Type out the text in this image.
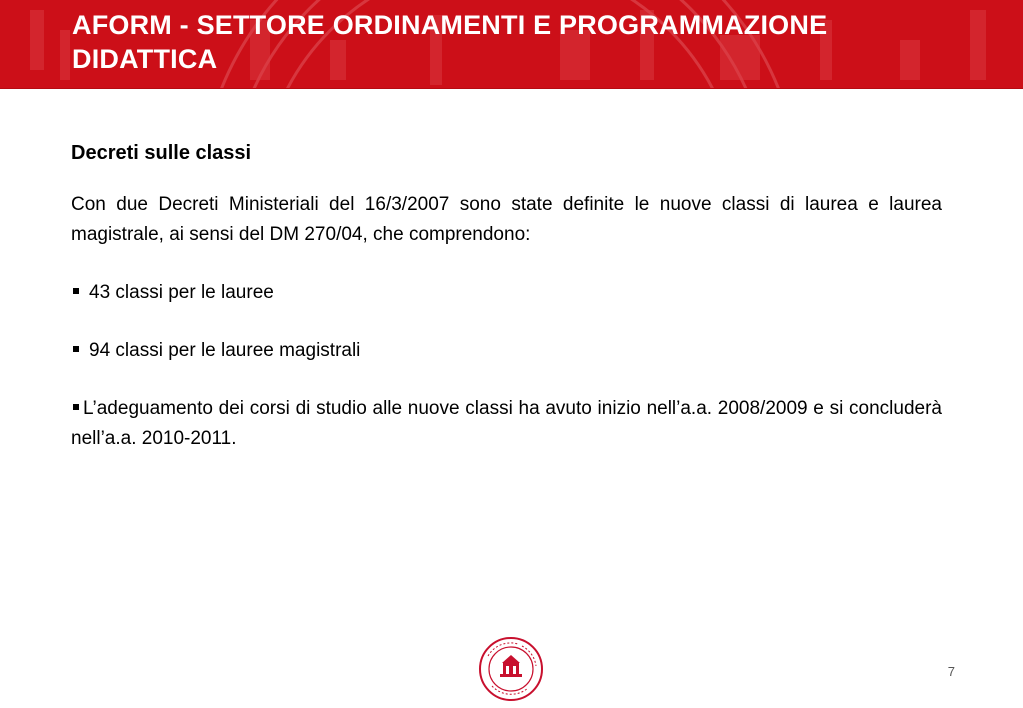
AFORM - SETTORE ORDINAMENTI E PROGRAMMAZIONE DIDATTICA
Decreti sulle classi

Con due Decreti Ministeriali del 16/3/2007 sono state definite le nuove classi di laurea e laurea magistrale, ai sensi del DM 270/04, che comprendono:

43 classi per le lauree
94 classi per le lauree magistrali

L’adeguamento dei corsi di studio alle nuove classi ha avuto inizio nell’a.a. 2008/2009 e si concluderà nell’a.a. 2010-2011.

7
